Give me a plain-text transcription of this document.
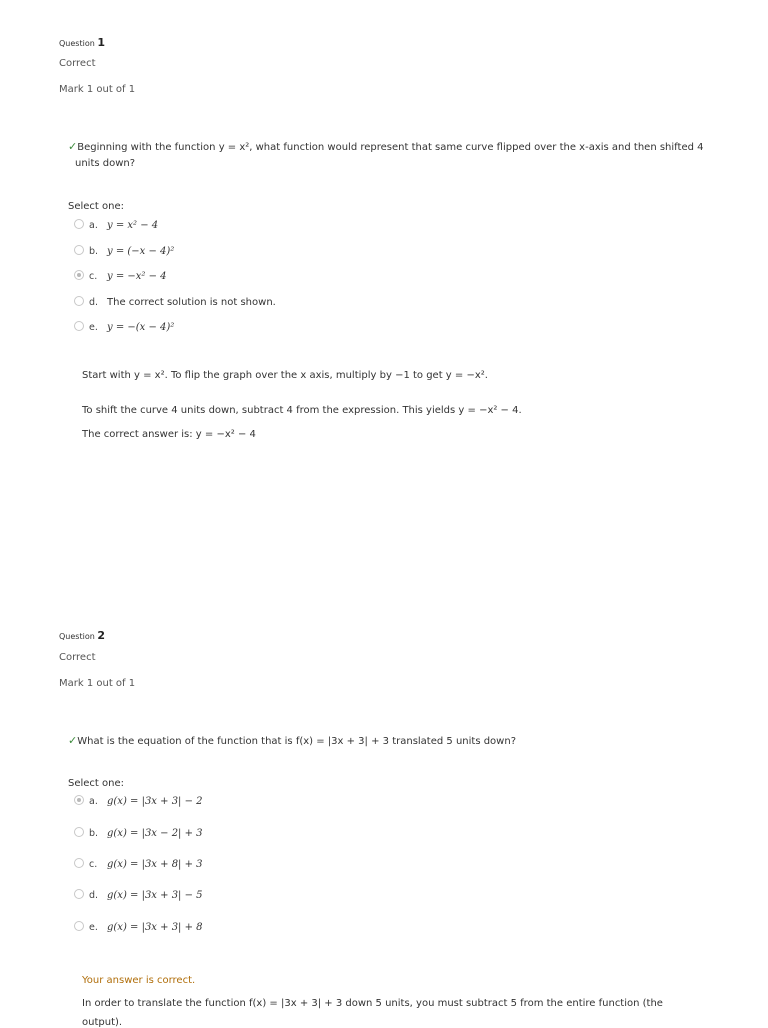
Question 1
Correct
Mark 1 out of 1
✓Beginning with the function y = x², what function would represent that same curve flipped over the x-axis and then shifted 4
units down?
Select one:
a. y = x² − 4
b. y = (−x − 4)²
c. y = −x² − 4
d. The correct solution is not shown.
e. y = −(x − 4)²
Start with y = x². To flip the graph over the x axis, multiply by −1 to get y = −x².
To shift the curve 4 units down, subtract 4 from the expression. This yields y = −x² − 4.
The correct answer is: y = −x² − 4
Question 2
Correct
Mark 1 out of 1
✓What is the equation of the function that is f(x) = |3x + 3| + 3 translated 5 units down?
Select one:
a. g(x) = |3x + 3| − 2
b. g(x) = |3x − 2| + 3
c. g(x) = |3x + 8| + 3
d. g(x) = |3x + 3| − 5
e. g(x) = |3x + 3| + 8
Your answer is correct.
In order to translate the function f(x) = |3x + 3| + 3 down 5 units, you must subtract 5 from the entire function (the
output).
